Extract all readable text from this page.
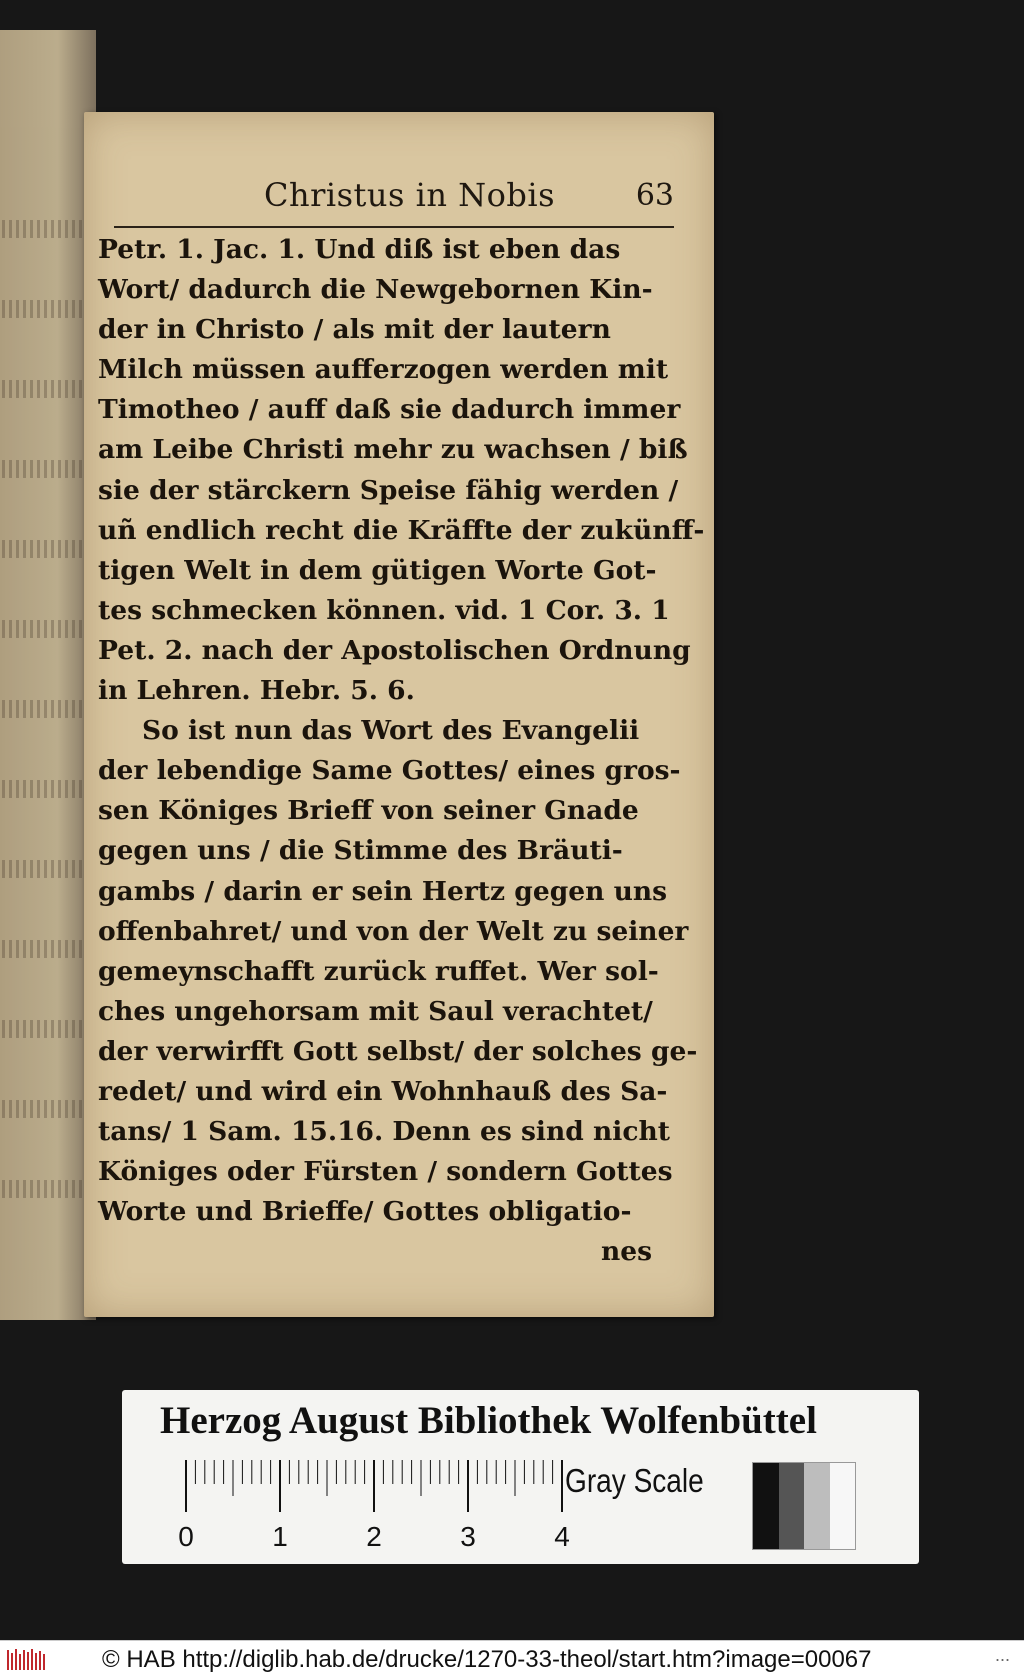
Christus in Nobis	63
Petr. 1. Jac. 1. Und diß ist eben das
Wort/ dadurch die Newgebornen Kin-
der in Christo / als mit der lautern
Milch müssen aufferzogen werden mit
Timotheo / auff daß sie dadurch immer
am Leibe Christi mehr zu wachsen / biß
sie der stärckern Speise fähig werden /
uñ endlich recht die Kräffte der zukünff-
tigen Welt in dem gütigen Worte Got-
tes schmecken können. vid. 1 Cor. 3. 1
Pet. 2. nach der Apostolischen Ordnung
in Lehren. Hebr. 5. 6.
So ist nun das Wort des Evangelii
der lebendige Same Gottes/ eines gros-
sen Königes Brieff von seiner Gnade
gegen uns / die Stimme des Bräuti-
gambs / darin er sein Hertz gegen uns
offenbahret/ und von der Welt zu seiner
gemeynschafft zurück ruffet. Wer sol-
ches ungehorsam mit Saul verachtet/
der verwirfft Gott selbst/ der solches ge-
redet/ und wird ein Wohnhauß des Sa-
tans/ 1 Sam. 15.16. Denn es sind nicht
Königes oder Fürsten / sondern Gottes
Worte und Brieffe/ Gottes obligatio-
nes
Herzog August Bibliothek Wolfenbüttel
0	1	2	3	4
Gray Scale
© HAB http://diglib.hab.de/drucke/1270-33-theol/start.htm?image=00067	...
